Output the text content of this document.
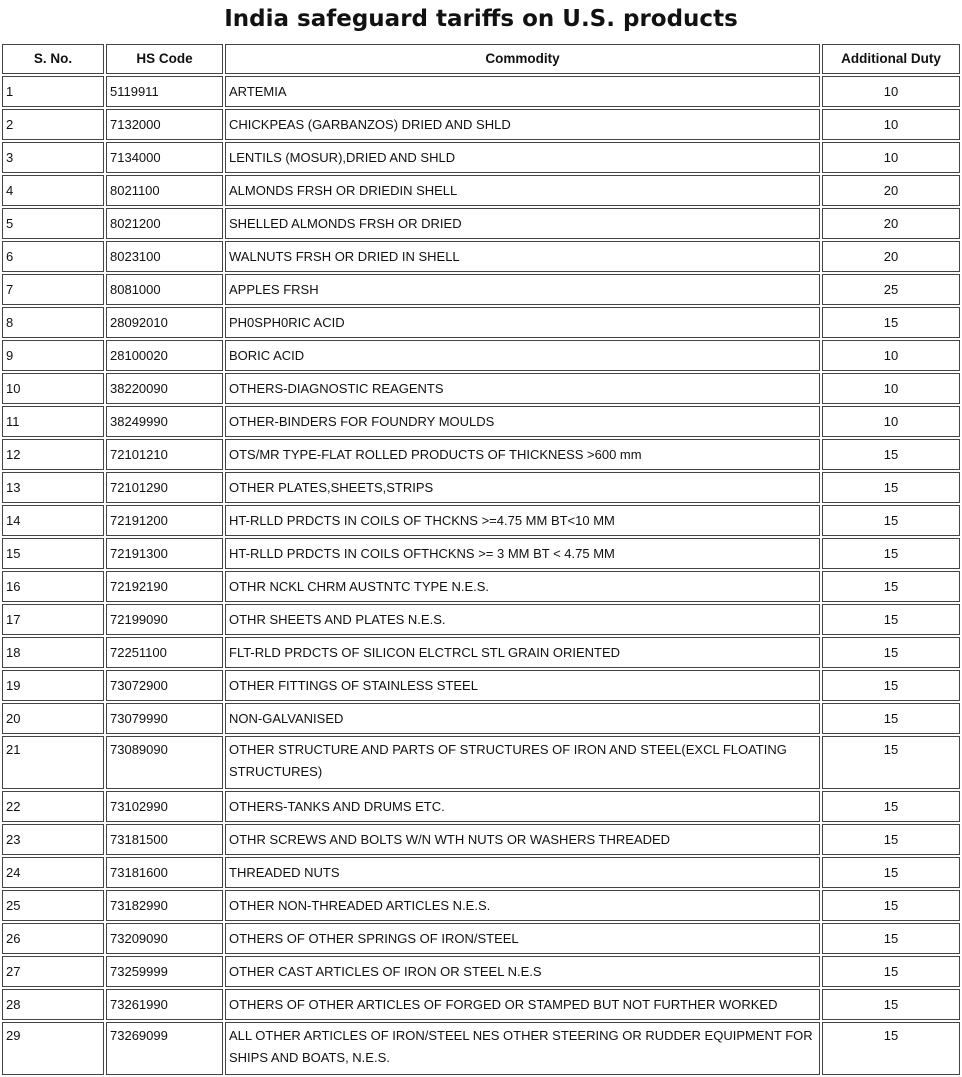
India safeguard tariffs on U.S. products
S. No.	HS Code	Commodity	Additional Duty
1	5119911	ARTEMIA	10
2	7132000	CHICKPEAS (GARBANZOS) DRIED AND SHLD	10
3	7134000	LENTILS (MOSUR),DRIED AND SHLD	10
4	8021100	ALMONDS FRSH OR DRIEDIN SHELL	20
5	8021200	SHELLED ALMONDS FRSH OR DRIED	20
6	8023100	WALNUTS FRSH OR DRIED IN SHELL	20
7	8081000	APPLES FRSH	25
8	28092010	PH0SPH0RIC ACID	15
9	28100020	BORIC ACID	10
10	38220090	OTHERS-DIAGNOSTIC REAGENTS	10
11	38249990	OTHER-BINDERS FOR FOUNDRY MOULDS	10
12	72101210	OTS/MR TYPE-FLAT ROLLED PRODUCTS OF THICKNESS >600 mm	15
13	72101290	OTHER PLATES,SHEETS,STRIPS	15
14	72191200	HT-RLLD PRDCTS IN COILS OF THCKNS >=4.75 MM BT<10 MM	15
15	72191300	HT-RLLD PRDCTS IN COILS OFTHCKNS >= 3 MM BT < 4.75 MM	15
16	72192190	OTHR NCKL CHRM AUSTNTC TYPE N.E.S.	15
17	72199090	OTHR SHEETS AND PLATES N.E.S.	15
18	72251100	FLT-RLD PRDCTS OF SILICON ELCTRCL STL GRAIN ORIENTED	15
19	73072900	OTHER FITTINGS OF STAINLESS STEEL	15
20	73079990	NON-GALVANISED	15
21	73089090	OTHER STRUCTURE AND PARTS OF STRUCTURES OF IRON AND STEEL(EXCL FLOATING STRUCTURES)	15
22	73102990	OTHERS-TANKS AND DRUMS ETC.	15
23	73181500	OTHR SCREWS AND BOLTS W/N WTH NUTS OR WASHERS THREADED	15
24	73181600	THREADED NUTS	15
25	73182990	OTHER NON-THREADED ARTICLES N.E.S.	15
26	73209090	OTHERS OF OTHER SPRINGS OF IRON/STEEL	15
27	73259999	OTHER CAST ARTICLES OF IRON OR STEEL N.E.S	15
28	73261990	OTHERS OF OTHER ARTICLES OF FORGED OR STAMPED BUT NOT FURTHER WORKED	15
29	73269099	ALL OTHER ARTICLES OF IRON/STEEL NES OTHER STEERING OR RUDDER EQUIPMENT FOR SHIPS AND BOATS, N.E.S.	15
